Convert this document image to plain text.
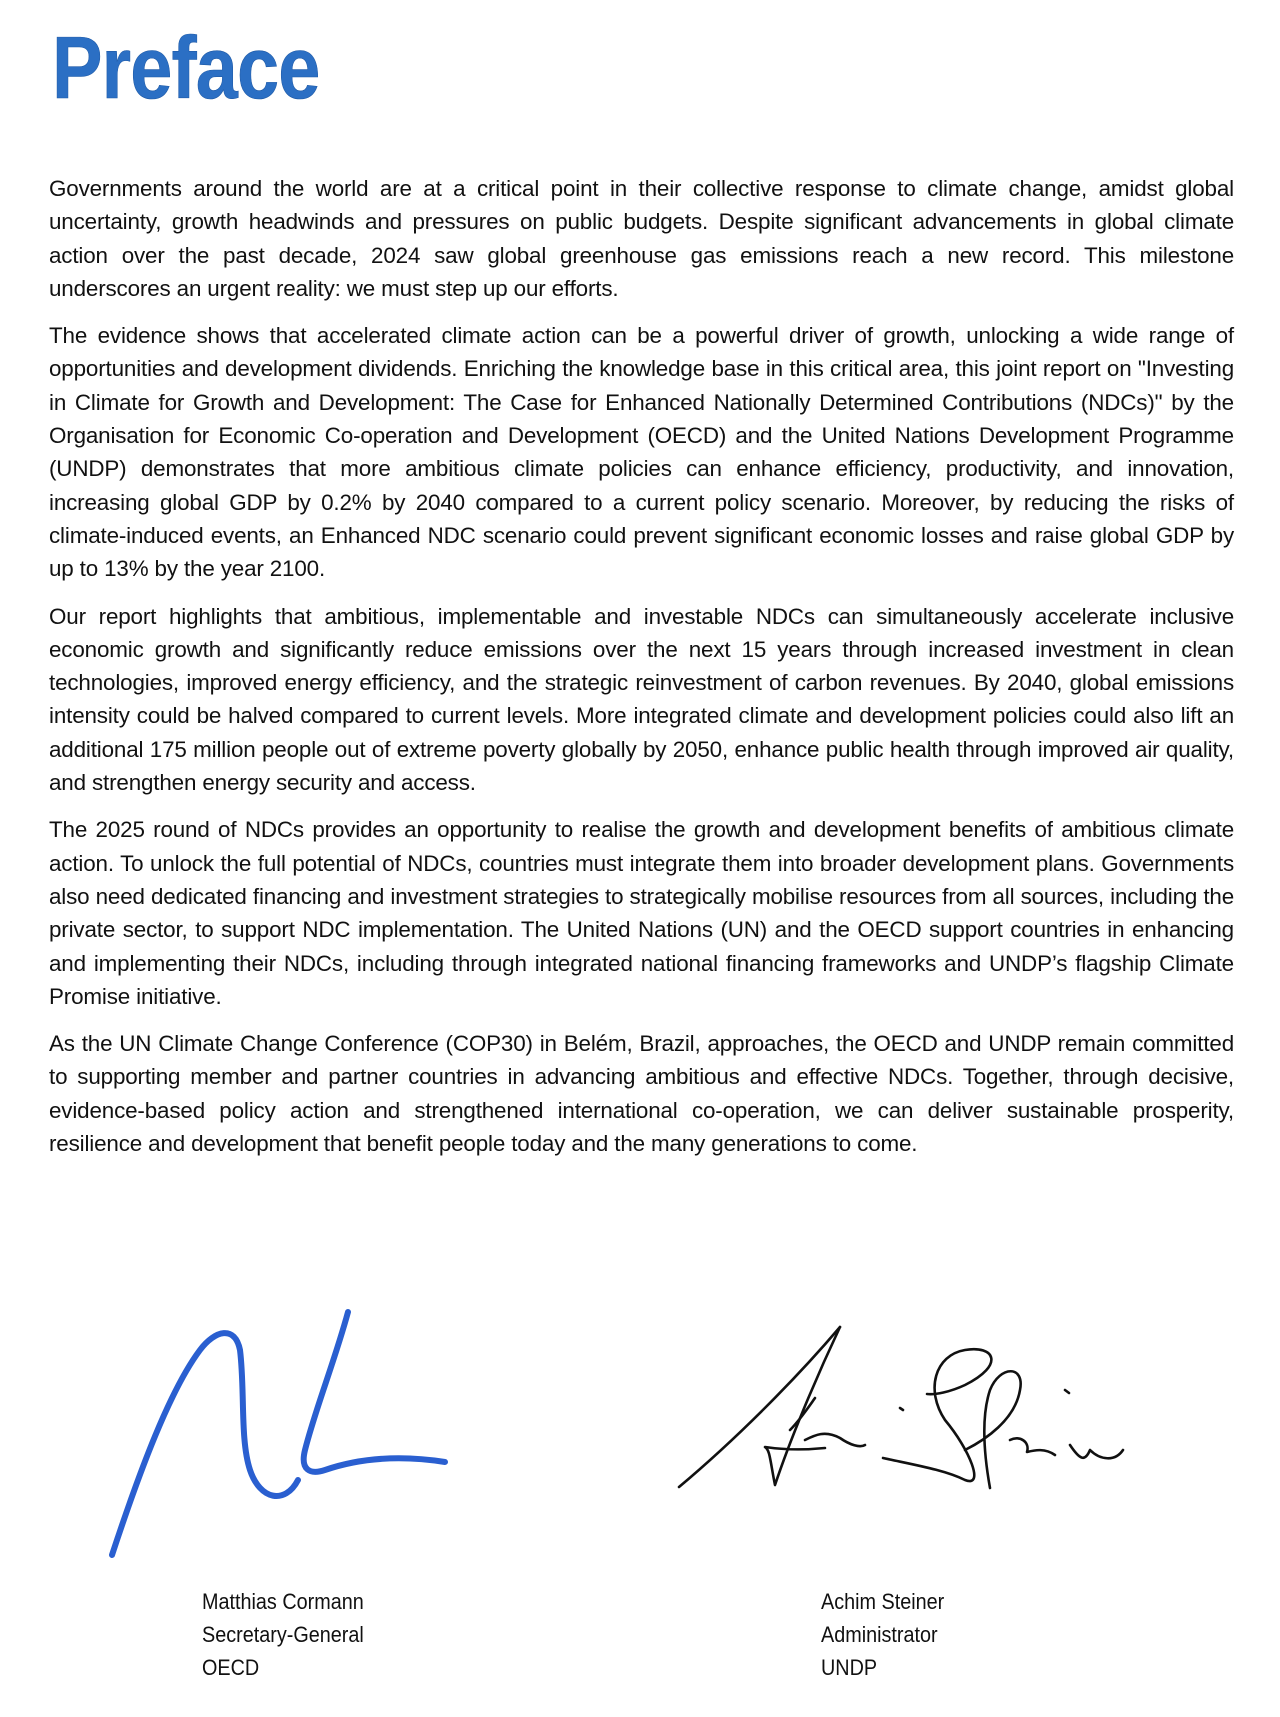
Preface

Governments around the world are at a critical point in their collective response to climate change, amidst global uncertainty, growth headwinds and pressures on public budgets. Despite significant advancements in global climate action over the past decade, 2024 saw global greenhouse gas emissions reach a new record. This milestone underscores an urgent reality: we must step up our efforts.

The evidence shows that accelerated climate action can be a powerful driver of growth, unlocking a wide range of opportunities and development dividends. Enriching the knowledge base in this critical area, this joint report on "Investing in Climate for Growth and Development: The Case for Enhanced Nationally Determined Contributions (NDCs)" by the Organisation for Economic Co-operation and Development (OECD) and the United Nations Development Programme (UNDP) demonstrates that more ambitious climate policies can enhance efficiency, productivity, and innovation, increasing global GDP by 0.2% by 2040 compared to a current policy scenario. Moreover, by reducing the risks of climate-induced events, an Enhanced NDC scenario could prevent significant economic losses and raise global GDP by up to 13% by the year 2100.

Our report highlights that ambitious, implementable and investable NDCs can simultaneously accelerate inclusive economic growth and significantly reduce emissions over the next 15 years through increased investment in clean technologies, improved energy efficiency, and the strategic reinvestment of carbon revenues. By 2040, global emissions intensity could be halved compared to current levels. More integrated climate and development policies could also lift an additional 175 million people out of extreme poverty globally by 2050, enhance public health through improved air quality, and strengthen energy security and access.

The 2025 round of NDCs provides an opportunity to realise the growth and development benefits of ambitious climate action. To unlock the full potential of NDCs, countries must integrate them into broader development plans. Governments also need dedicated financing and investment strategies to strategically mobilise resources from all sources, including the private sector, to support NDC implementation. The United Nations (UN) and the OECD support countries in enhancing and implementing their NDCs, including through integrated national financing frameworks and UNDP’s flagship Climate Promise initiative.

As the UN Climate Change Conference (COP30) in Belém, Brazil, approaches, the OECD and UNDP remain committed to supporting member and partner countries in advancing ambitious and effective NDCs. Together, through decisive, evidence-based policy action and strengthened international co-operation, we can deliver sustainable prosperity, resilience and development that benefit people today and the many generations to come.

Matthias Cormann
Secretary-General
OECD
Achim Steiner
Administrator
UNDP
